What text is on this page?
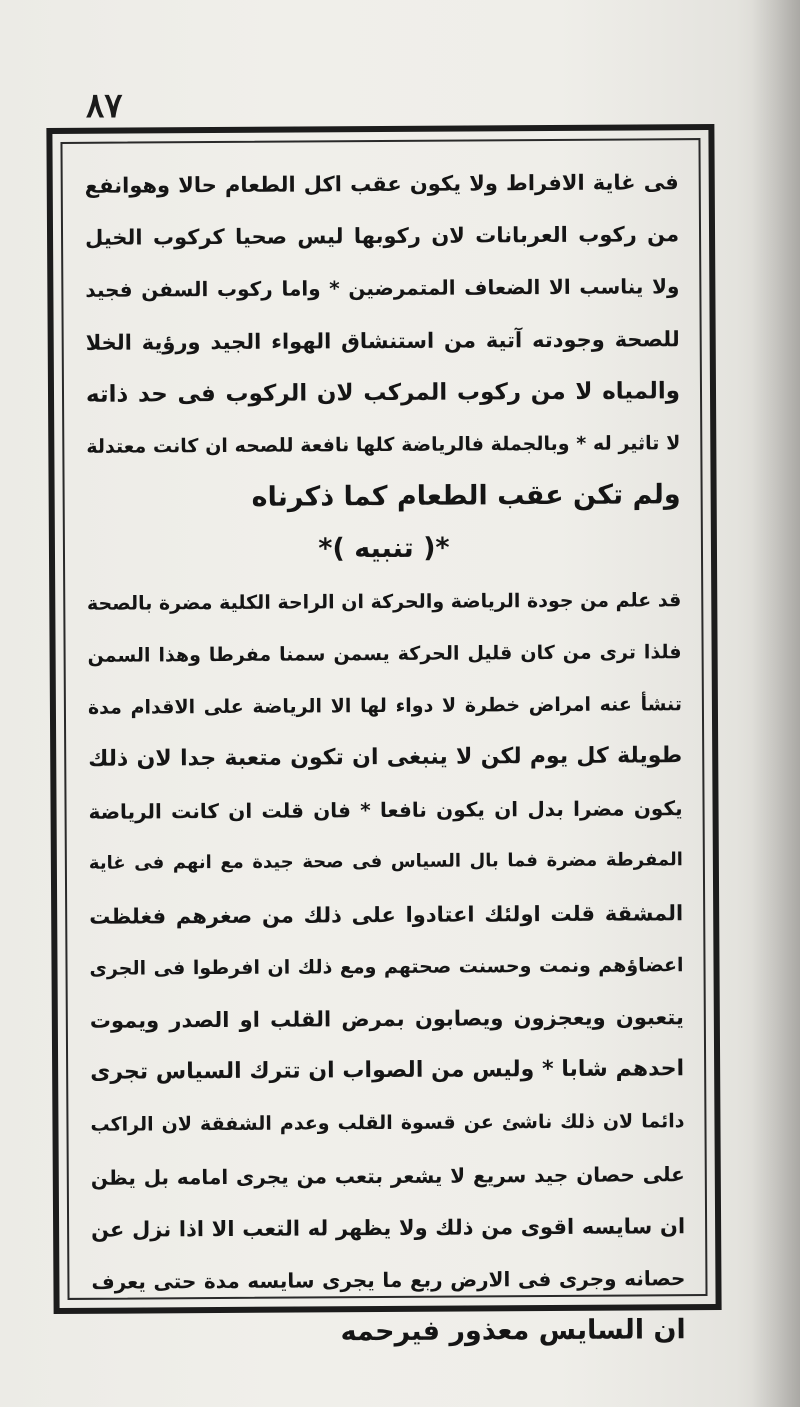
٨٧
فى غاية الافراط ولا يكون عقب اكل الطعام حالا وهوانفع
من ركوب العربانات لان ركوبها ليس صحيا كركوب الخيل
ولا يناسب الا الضعاف المتمرضين * واما ركوب السفن فجيد
للصحة وجودته آتية من استنشاق الهواء الجيد ورؤية الخلا
والمياه لا من ركوب المركب لان الركوب فى حد ذاته
لا تاثير له * وبالجملة فالرياضة كلها نافعة للصحه ان كانت معتدلة
ولم تكن عقب الطعام كما ذكرناه
*( تنبيه )*
قد علم من جودة الرياضة والحركة ان الراحة الكلية مضرة بالصحة
فلذا ترى من كان قليل الحركة يسمن سمنا مفرطا وهذا السمن
تنشأ عنه امراض خطرة لا دواء لها الا الرياضة على الاقدام مدة
طويلة كل يوم لكن لا ينبغى ان تكون متعبة جدا لان ذلك
يكون مضرا بدل ان يكون نافعا * فان قلت ان كانت الرياضة
المفرطة مضرة فما بال السياس فى صحة جيدة مع انهم فى غاية
المشقة قلت اولئك اعتادوا على ذلك من صغرهم فغلظت
اعضاؤهم ونمت وحسنت صحتهم ومع ذلك ان افرطوا فى الجرى
يتعبون ويعجزون ويصابون بمرض القلب او الصدر ويموت
احدهم شابا * وليس من الصواب ان تترك السياس تجرى
دائما لان ذلك ناشئ عن قسوة القلب وعدم الشفقة لان الراكب
على حصان جيد سريع لا يشعر بتعب من يجرى امامه بل يظن
ان سايسه اقوى من ذلك ولا يظهر له التعب الا اذا نزل عن
حصانه وجرى فى الارض ربع ما يجرى سايسه مدة حتى يعرف
ان السايس معذور فيرحمه
